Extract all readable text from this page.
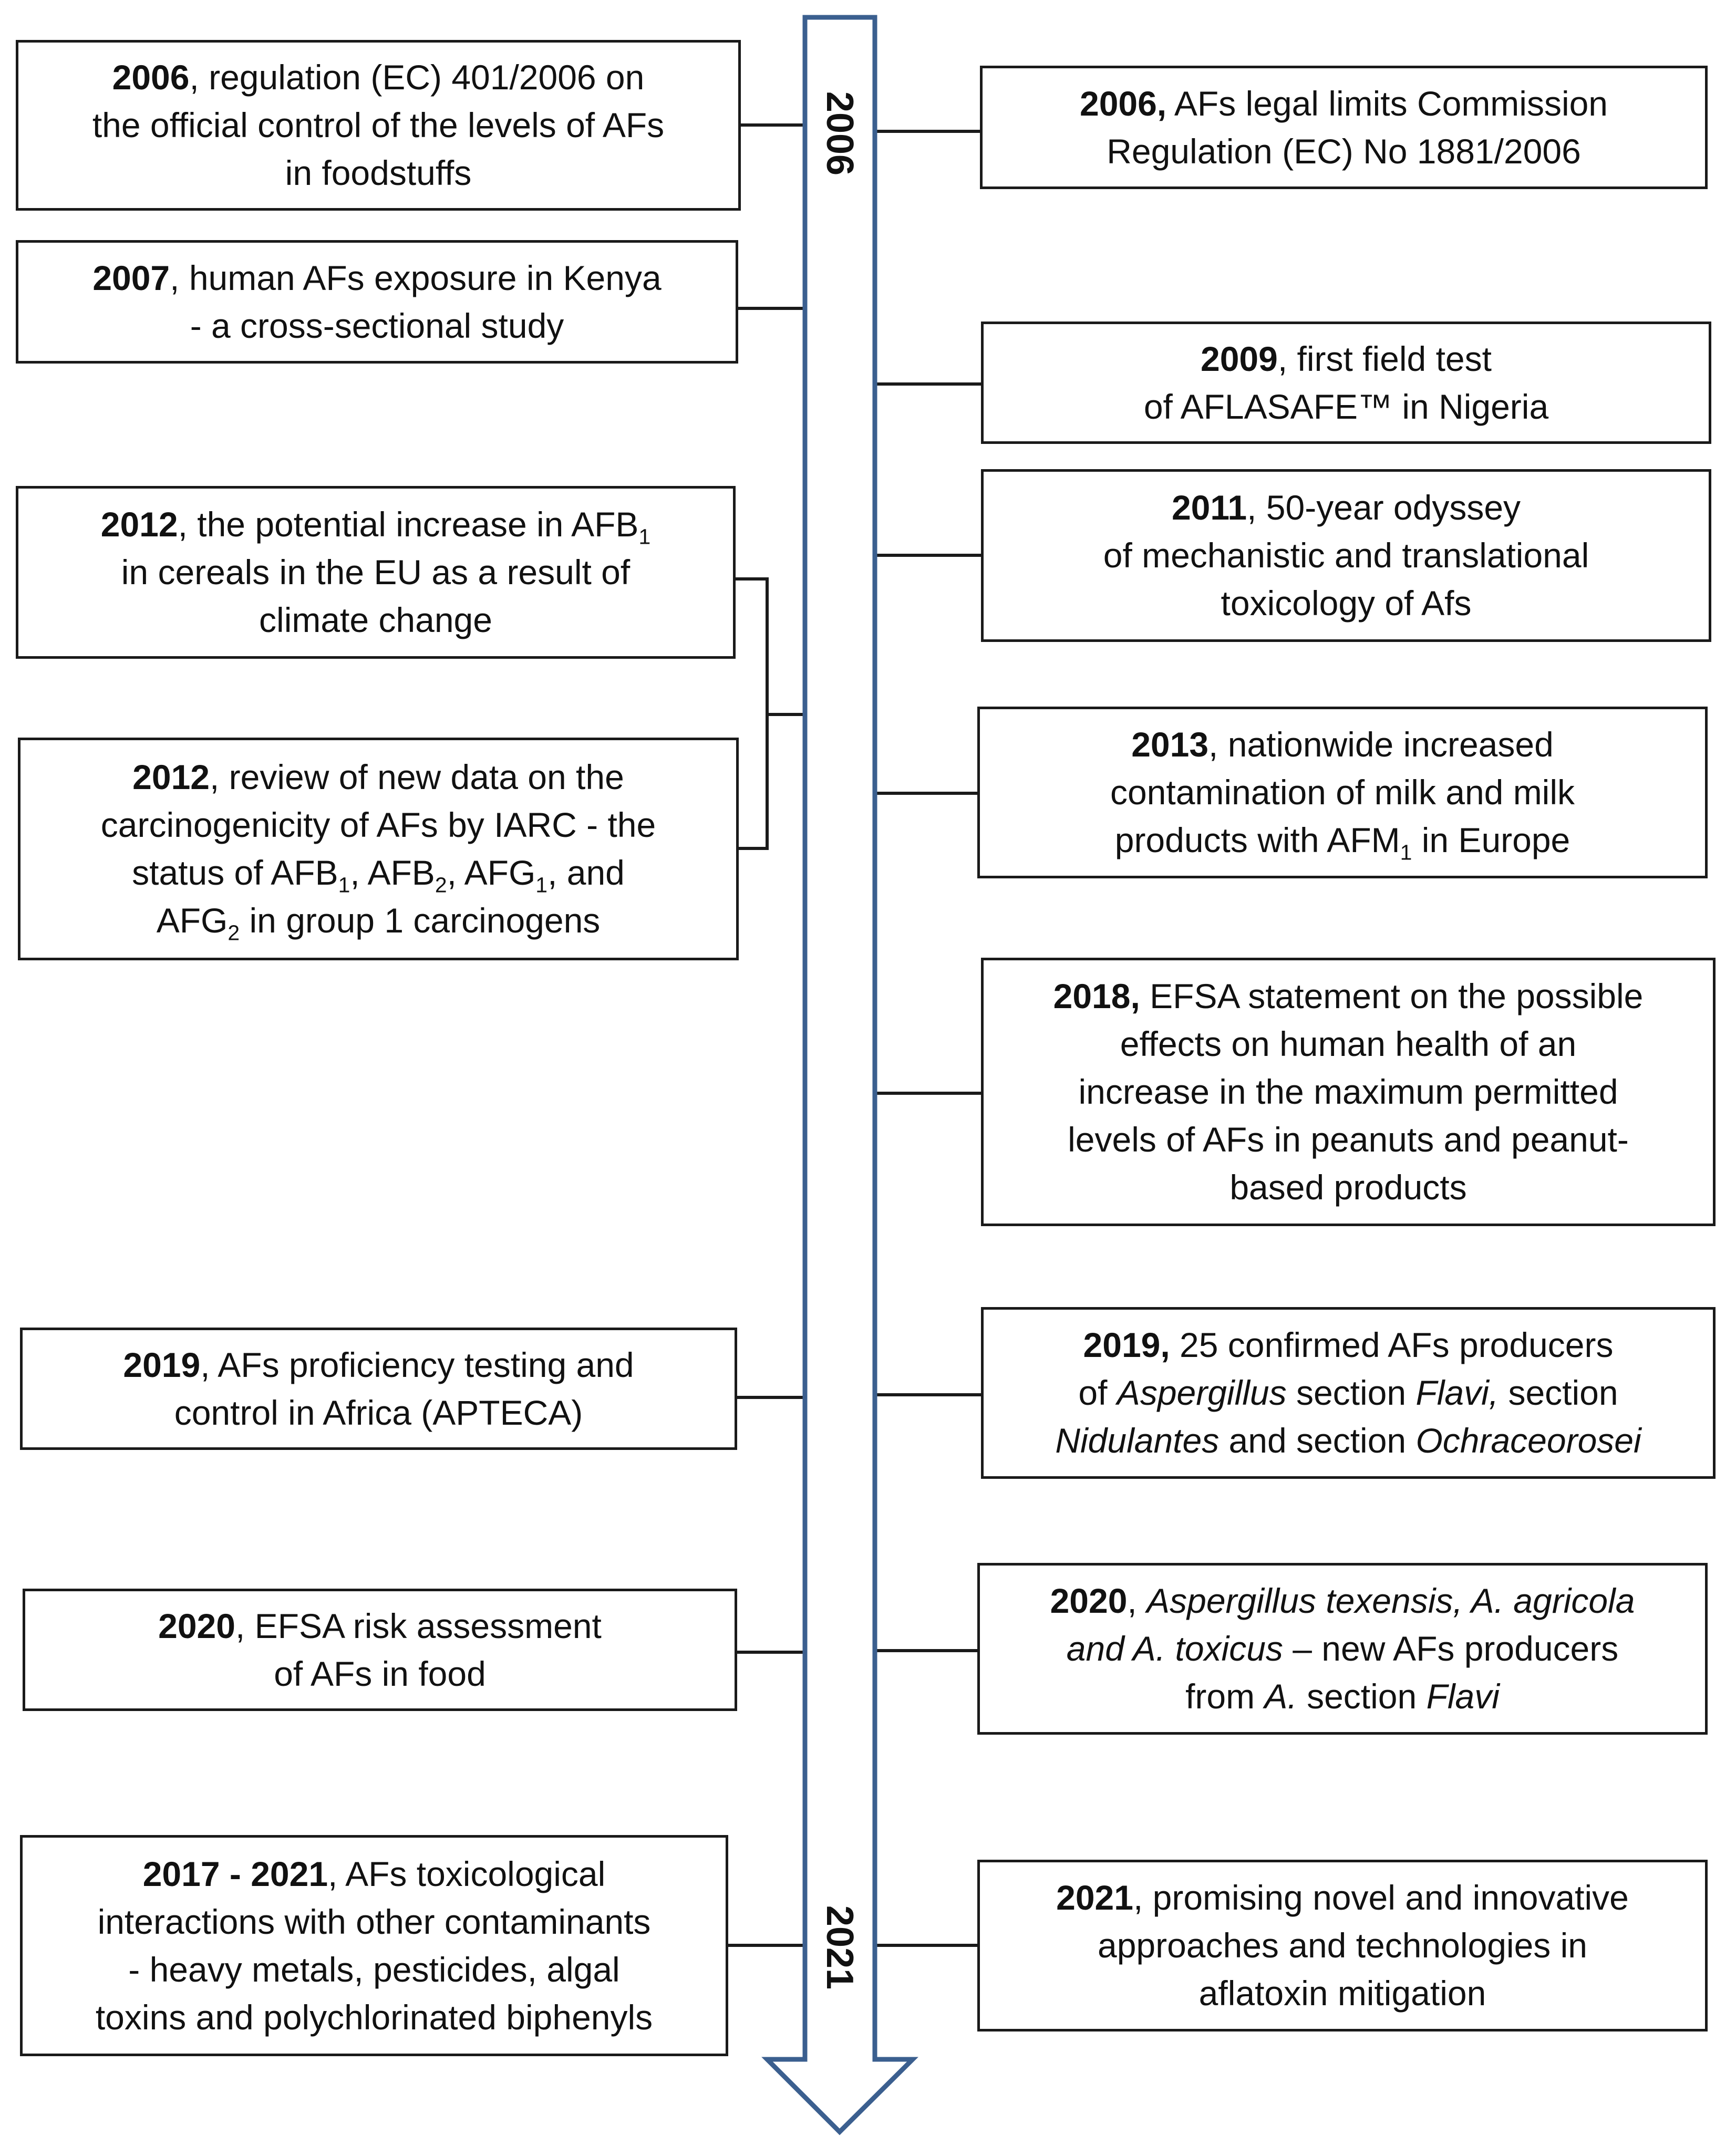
2006
2021
2006, regulation (EC) 401/2006 on
the official control of the levels of AFs
in foodstuffs
2006, AFs legal limits Commission
Regulation (EC) No 1881/2006
2007, human AFs exposure in Kenya
- a cross-sectional study
2009, first field test
of AFLASAFE™ in Nigeria
2011, 50-year odyssey
of mechanistic and translational
toxicology of Afs
2012, the potential increase in $AFB_1$
in cereals in the EU as a result of
climate change
2013, nationwide increased
contamination of milk and milk
products with $AFM_1$ in Europe
2012, review of new data on the
carcinogenicity of AFs by IARC - the
status of $AFB_1$, $AFB_2$, $AFG_1$, and
$AFG_2$ in group 1 carcinogens
2018, EFSA statement on the possible
effects on human health of an
increase in the maximum permitted
levels of AFs in peanuts and peanut-
based products
2019, AFs proficiency testing and
control in Africa (APTECA)
2019, 25 confirmed AFs producers
of Aspergillus section Flavi, section
Nidulantes and section Ochraceorosei
2020, EFSA risk assessment
of AFs in food
2020, Aspergillus texensis, A. agricola
and A. toxicus – new AFs producers
from A. section Flavi
2017 - 2021, AFs toxicological
interactions with other contaminants
- heavy metals, pesticides, algal
toxins and polychlorinated biphenyls
2021, promising novel and innovative
approaches and technologies in
aflatoxin mitigation
